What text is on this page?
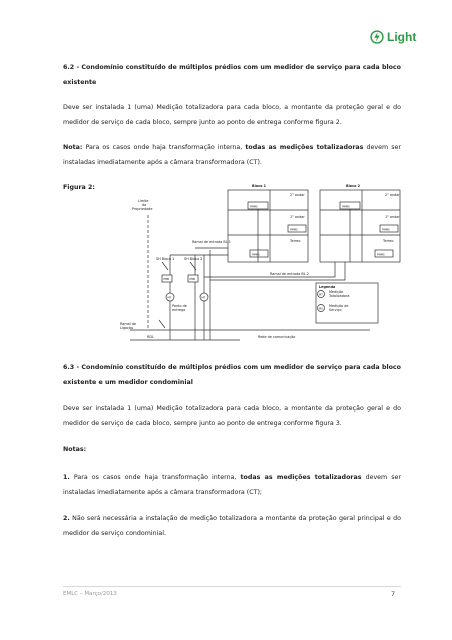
Light
6.2 - Condomínio constituído de múltiplos prédios com um medidor de serviço para cada bloco existente
Deve ser instalada 1 (uma) Medição totalizadora para cada bloco, a montante da proteção geral e do medidor de serviço de cada bloco, sempre junto ao ponto de entrega conforme figura 2.
Nota: Para os casos onde haja transformação interna, todas as medições totalizadoras devem ser instaladas imediatamente após a câmara transformadora (CT).
Figura 2:	Bloco 1	Bloco 2
2° andar	2° andar
1° andar	1° andar
Terreo	Terreo
PMMS
PMMS
PMMS
PMMS
PMMS
PMMS
Limite
da
Propriedade
Ramal de entrada BL.1
Ramal de entrada BL.2
SH Bloco 1	SH Bloco 2
PMB	PMB
MT	MT
Ponto de
entrega
Ramal de
Ligação
RDL	Rede de comunicação
Legenda
MT
Medição
Totalizadora
MS
Medição de
Serviço
6.3 - Condomínio constituído de múltiplos prédios com um medidor de serviço para cada bloco existente e um medidor condominial
Deve ser instalada 1 (uma) Medição totalizadora para cada bloco, a montante da proteção geral e do medidor de serviço de cada bloco, sempre junto ao ponto de entrega conforme figura 3.
Notas:
1. Para os casos onde haja transformação interna, todas as medições totalizadoras devem ser instaladas imediatamente após a câmara transformadora (CT);
2. Não será necessária a instalação de medição totalizadora a montante da proteção geral principal e do medidor de serviço condominial.
EMLC – Março/2013	7
